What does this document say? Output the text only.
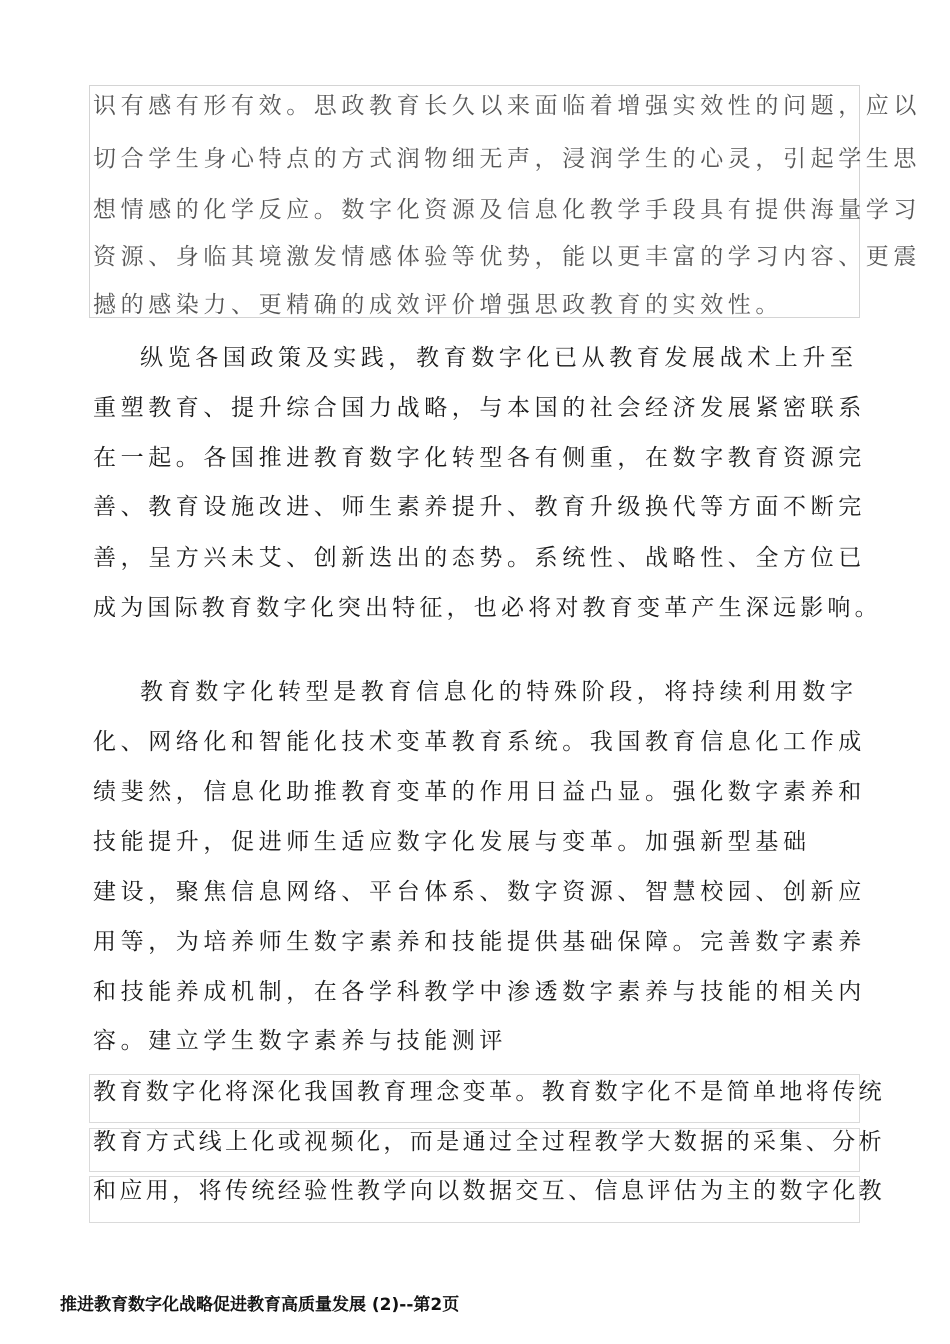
识有感有形有效。思政教育长久以来面临着增强实效性的问题，应以
切合学生身心特点的方式润物细无声，浸润学生的心灵，引起学生思
想情感的化学反应。数字化资源及信息化教学手段具有提供海量学习
资源、身临其境激发情感体验等优势，能以更丰富的学习内容、更震
撼的感染力、更精确的成效评价增强思政教育的实效性。
纵览各国政策及实践，教育数字化已从教育发展战术上升至
重塑教育、提升综合国力战略，与本国的社会经济发展紧密联系
在一起。各国推进教育数字化转型各有侧重，在数字教育资源完
善、教育设施改进、师生素养提升、教育升级换代等方面不断完
善，呈方兴未艾、创新迭出的态势。系统性、战略性、全方位已
成为国际教育数字化突出特征，也必将对教育变革产生深远影响。
教育数字化转型是教育信息化的特殊阶段，将持续利用数字
化、网络化和智能化技术变革教育系统。我国教育信息化工作成
绩斐然，信息化助推教育变革的作用日益凸显。强化数字素养和
技能提升，促进师生适应数字化发展与变革。加强新型基础
建设，聚焦信息网络、平台体系、数字资源、智慧校园、创新应
用等，为培养师生数字素养和技能提供基础保障。完善数字素养
和技能养成机制，在各学科教学中渗透数字素养与技能的相关内
容。建立学生数字素养与技能测评
教育数字化将深化我国教育理念变革。教育数字化不是简单地将传统
教育方式线上化或视频化，而是通过全过程教学大数据的采集、分析
和应用，将传统经验性教学向以数据交互、信息评估为主的数字化教
推进教育数字化战略促进教育高质量发展 (2)--第2页
